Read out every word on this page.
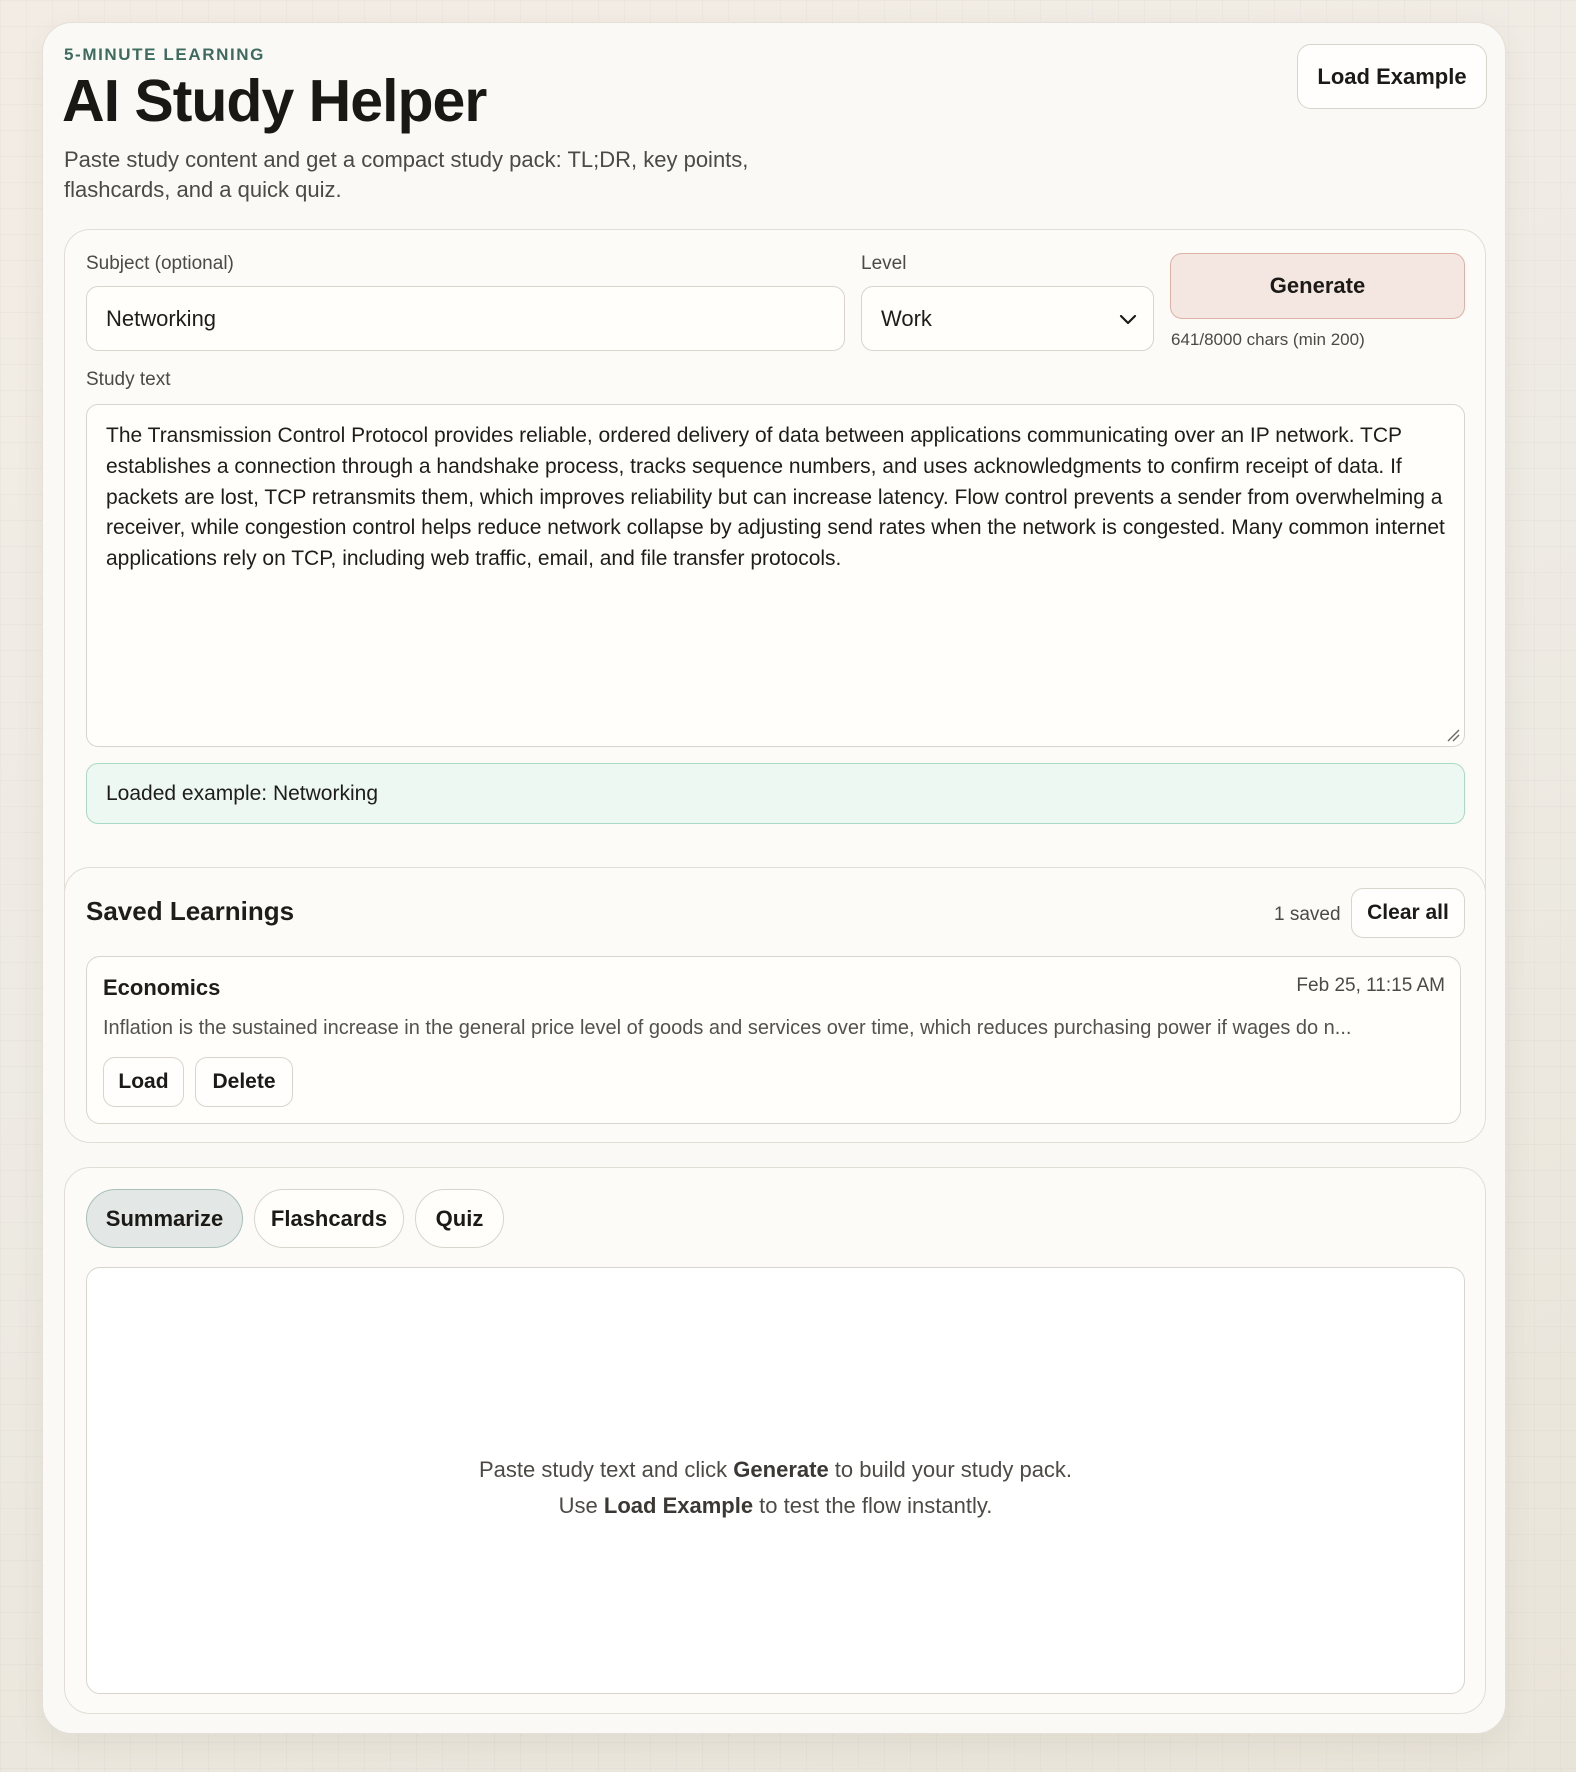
5-MINUTE LEARNING
AI Study Helper

Paste study content and get a compact study pack: TL;DR, key points, flashcards, and a quick quiz.

Load Example
Subject (optional)
Networking
Level
Work
Generate
641/8000 chars (min 200)
Study text
The Transmission Control Protocol provides reliable, ordered delivery of data between applications communicating over an IP network. TCP establishes a connection through a handshake process, tracks sequence numbers, and uses acknowledgments to confirm receipt of data. If packets are lost, TCP retransmits them, which improves reliability but can increase latency. Flow control prevents a sender from overwhelming a receiver, while congestion control helps reduce network collapse by adjusting send rates when the network is congested. Many common internet applications rely on TCP, including web traffic, email, and file transfer protocols.
Loaded example: Networking
Saved Learnings	1 saved	Clear all
Economics	Feb 25, 11:15 AM
Inflation is the sustained increase in the general price level of goods and services over time, which reduces purchasing power if wages do n...
Load	Delete
Summarize	Flashcards	Quiz
Paste study text and click Generate to build your study pack.
Use Load Example to test the flow instantly.
